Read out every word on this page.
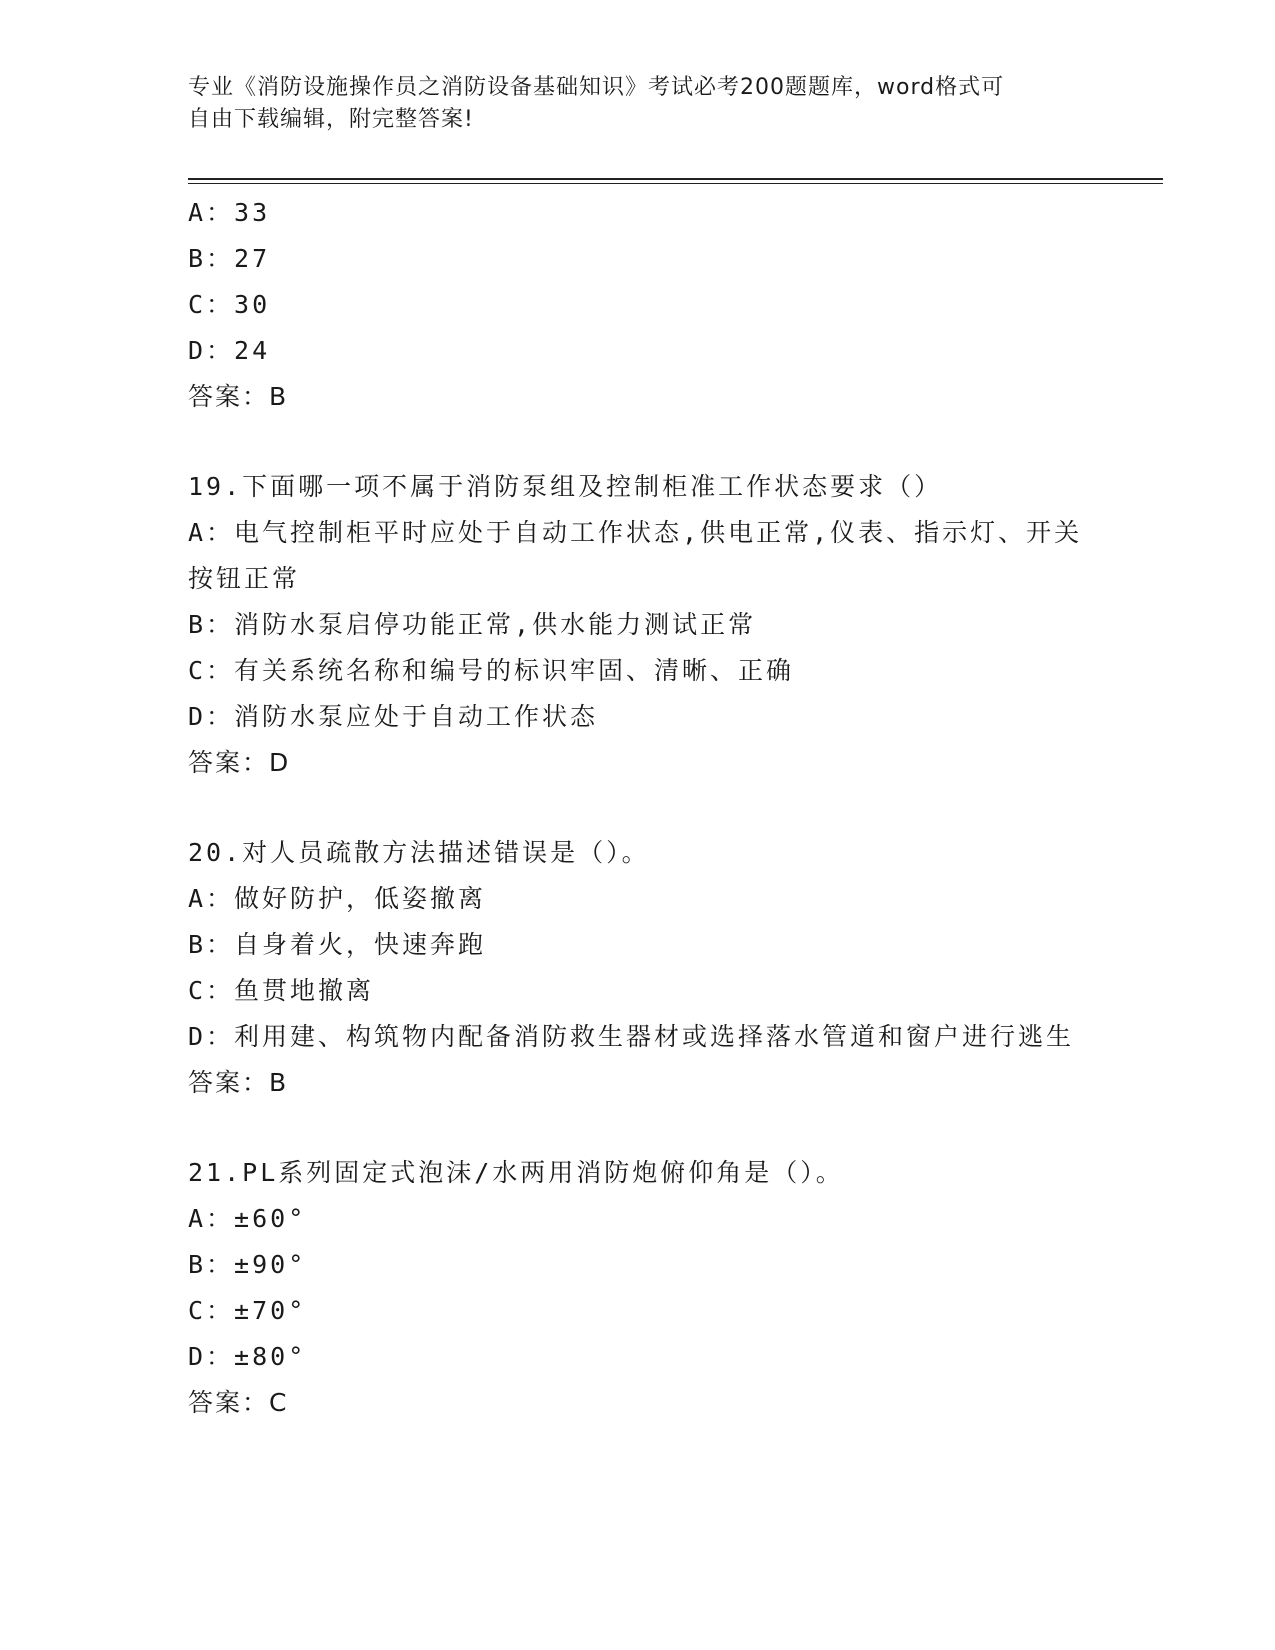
专业《消防设施操作员之消防设备基础知识》考试必考200题题库，word格式可

自由下载编辑，附完整答案!

A：33
B：27
C：30
D：24
答案：B
19.下面哪一项不属于消防泵组及控制柜准工作状态要求（）
A：电气控制柜平时应处于自动工作状态,供电正常,仪表、指示灯、开关按钮正常
B：消防水泵启停功能正常,供水能力测试正常
C：有关系统名称和编号的标识牢固、清晰、正确
D：消防水泵应处于自动工作状态
答案：D
20.对人员疏散方法描述错误是（）。
A：做好防护，低姿撤离
B：自身着火，快速奔跑
C：鱼贯地撤离
D：利用建、构筑物内配备消防救生器材或选择落水管道和窗户进行逃生
答案：B
21.PL系列固定式泡沫/水两用消防炮俯仰角是（）。
A：±60°
B：±90°
C：±70°
D：±80°
答案：C
